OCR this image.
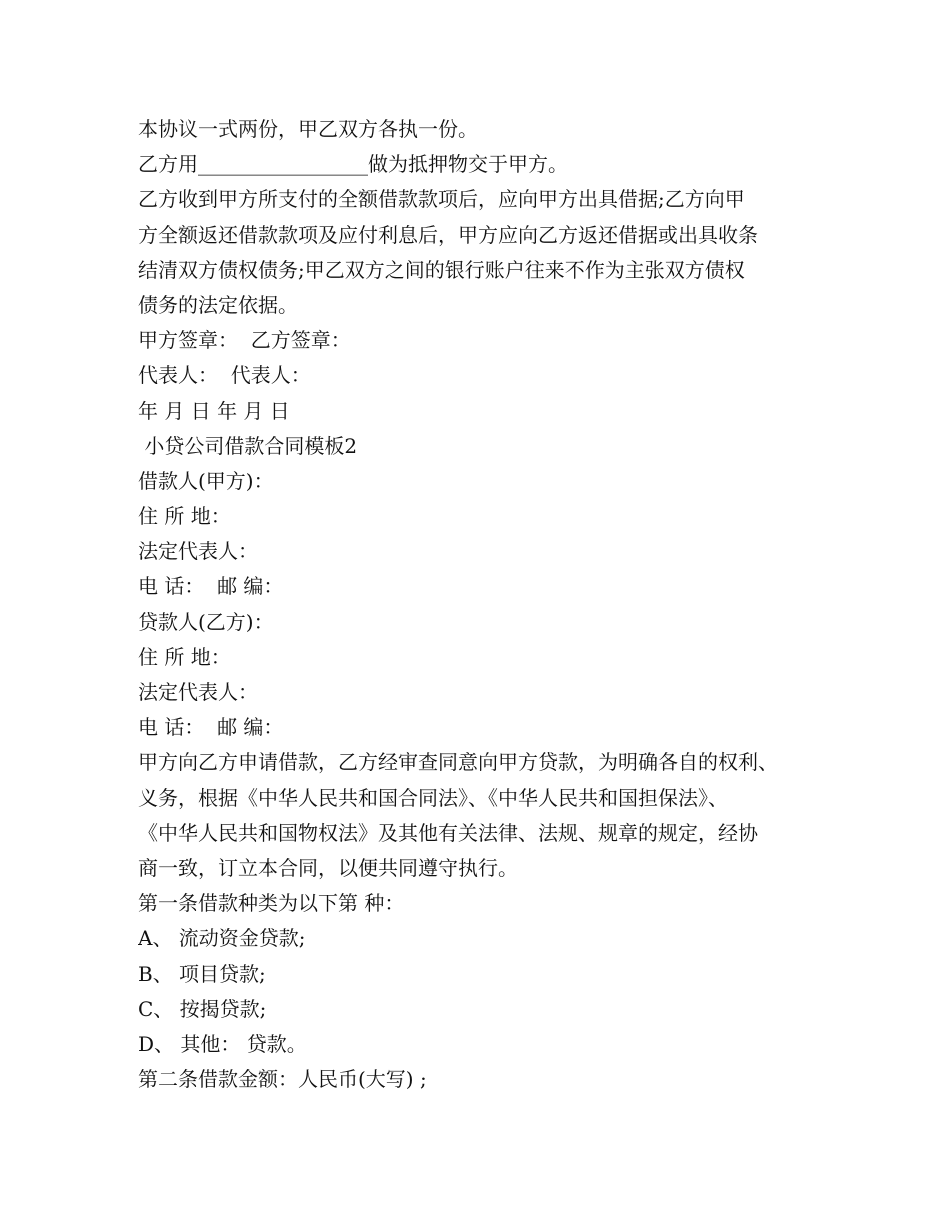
本协议一式两份，甲乙双方各执一份。
乙方用_________________做为抵押物交于甲方。
乙方收到甲方所支付的全额借款款项后，应向甲方出具借据;乙方向甲
方全额返还借款款项及应付利息后，甲方应向乙方返还借据或出具收条
结清双方债权债务;甲乙双方之间的银行账户往来不作为主张双方债权
债务的法定依据。
甲方签章：  乙方签章：
代表人：  代表人：
年 月 日 年 月 日
小贷公司借款合同模板2
借款人(甲方)：
住 所 地：
法定代表人：
电 话：  邮 编：
贷款人(乙方)：
住 所 地：
法定代表人：
电 话：  邮 编：
甲方向乙方申请借款，乙方经审查同意向甲方贷款，为明确各自的权利、
义务，根据《中华人民共和国合同法》、《中华人民共和国担保法》、
《中华人民共和国物权法》及其他有关法律、法规、规章的规定，经协
商一致，订立本合同，以便共同遵守执行。
第一条借款种类为以下第 种：
A、 流动资金贷款;
B、 项目贷款;
C、 按揭贷款;
D、 其他： 贷款。
第二条借款金额：人民币(大写) ;
